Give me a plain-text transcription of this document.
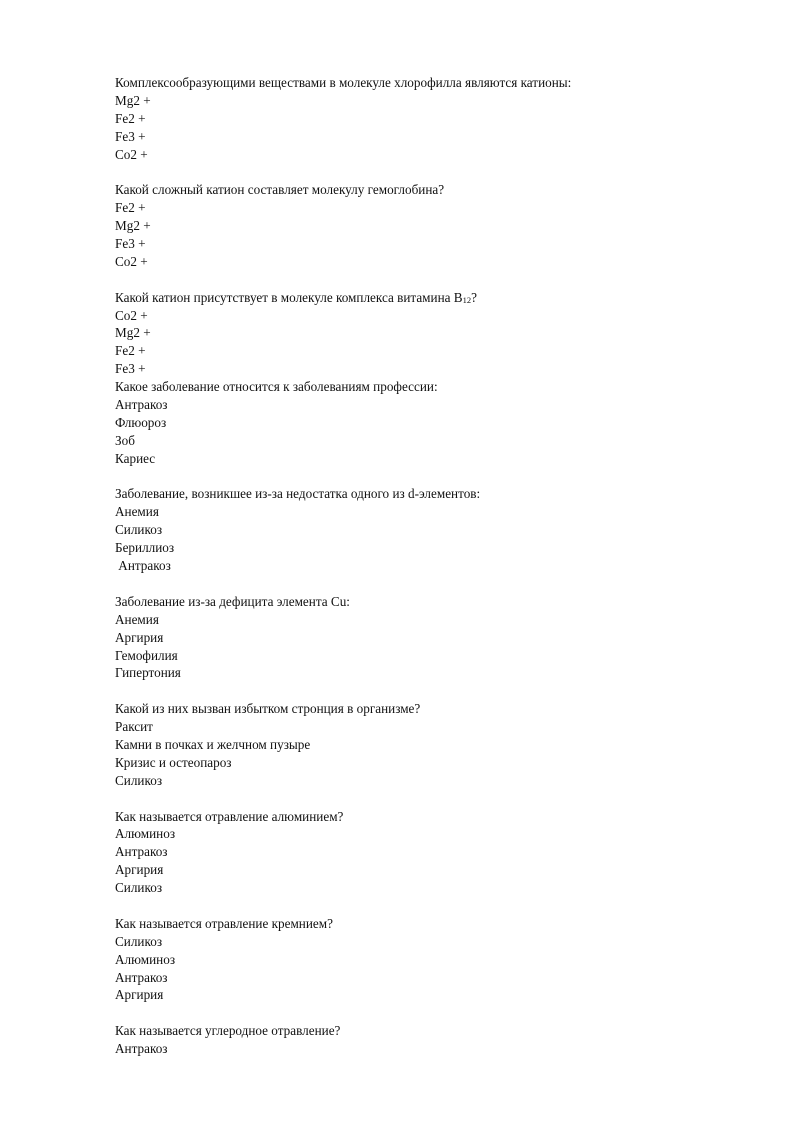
Комплексообразующими веществами в молекуле хлорофилла являются катионы:
Mg2 +
Fe2 +
Fe3 +
Co2 +
Какой сложный катион составляет молекулу гемоглобина?
Fe2 +
Mg2 +
Fe3 +
Co2 +
Какой катион присутствует в молекуле комплекса витамина $B_{12}$?
Co2 +
Mg2 +
Fe2 +
Fe3 +
Какое заболевание относится к заболеваниям профессии:
Антракоз
Флюороз
Зоб
Кариес
Заболевание, возникшее из-за недостатка одного из d-элементов:
Анемия
Силикоз
Бериллиоз
Антракоз
Заболевание из-за дефицита элемента Cu:
Анемия
Аргирия
Гемофилия
Гипертония
Какой из них вызван избытком стронция в организме?
Раксит
Камни в почках и желчном пузыре
Кризис и остеопароз
Силикоз
Как называется отравление алюминием?
Алюминоз
Антракоз
Аргирия
Силикоз
Как называется отравление кремнием?
Силикоз
Алюминоз
Антракоз
Аргирия
Как называется углеродное отравление?
Антракоз
